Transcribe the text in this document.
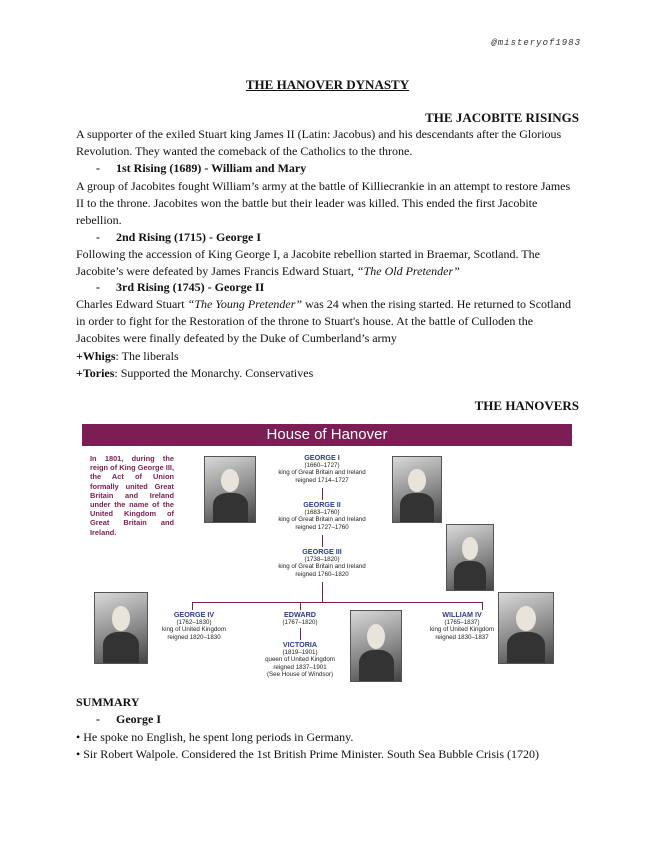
@misteryof1983
THE HANOVER DYNASTY
THE JACOBITE RISINGS
A supporter of the exiled Stuart king James II (Latin: Jacobus) and his descendants after the Glorious Revolution. They wanted the comeback of the Catholics to the throne.
- 1st Rising (1689) - William and Mary
A group of Jacobites fought William’s army at the battle of Killiecrankie in an attempt to restore James II to the throne. Jacobites won the battle but their leader was killed. This ended the first Jacobite rebellion.
- 2nd Rising (1715) - George I
Following the accession of King George I, a Jacobite rebellion started in Braemar, Scotland. The Jacobite’s were defeated by James Francis Edward Stuart, “The Old Pretender”
- 3rd Rising (1745) - George II
Charles Edward Stuart “The Young Pretender” was 24 when the rising started. He returned to Scotland in order to fight for the Restoration of the throne to Stuart's house. At the battle of Culloden the Jacobites were finally defeated by the Duke of Cumberland’s army
+Whigs: The liberals
+Tories: Supported the Monarchy. Conservatives
THE HANOVERS
House of Hanover
In 1801, during the reign of King George III, the Act of Union formally united Great Britain and Ireland under the name of the United Kingdom of Great Britain and Ireland.
GEORGE I
(1660–1727)
king of Great Britain and Ireland
reigned 1714–1727
GEORGE II
(1683–1760)
king of Great Britain and Ireland
reigned 1727–1760
GEORGE III
(1738–1820)
king of Great Britain and Ireland
reigned 1760–1820
GEORGE IV
(1762–1830)
king of United Kingdom
reigned 1820–1830
EDWARD
(1767–1820)
VICTORIA
(1819–1901)
queen of United Kingdom
reigned 1837–1901
(See House of Windsor)
WILLIAM IV
(1765–1837)
king of United Kingdom
reigned 1830–1837
SUMMARY
- George I
• He spoke no English, he spent long periods in Germany.
• Sir Robert Walpole. Considered the 1st British Prime Minister. South Sea Bubble Crisis (1720)
